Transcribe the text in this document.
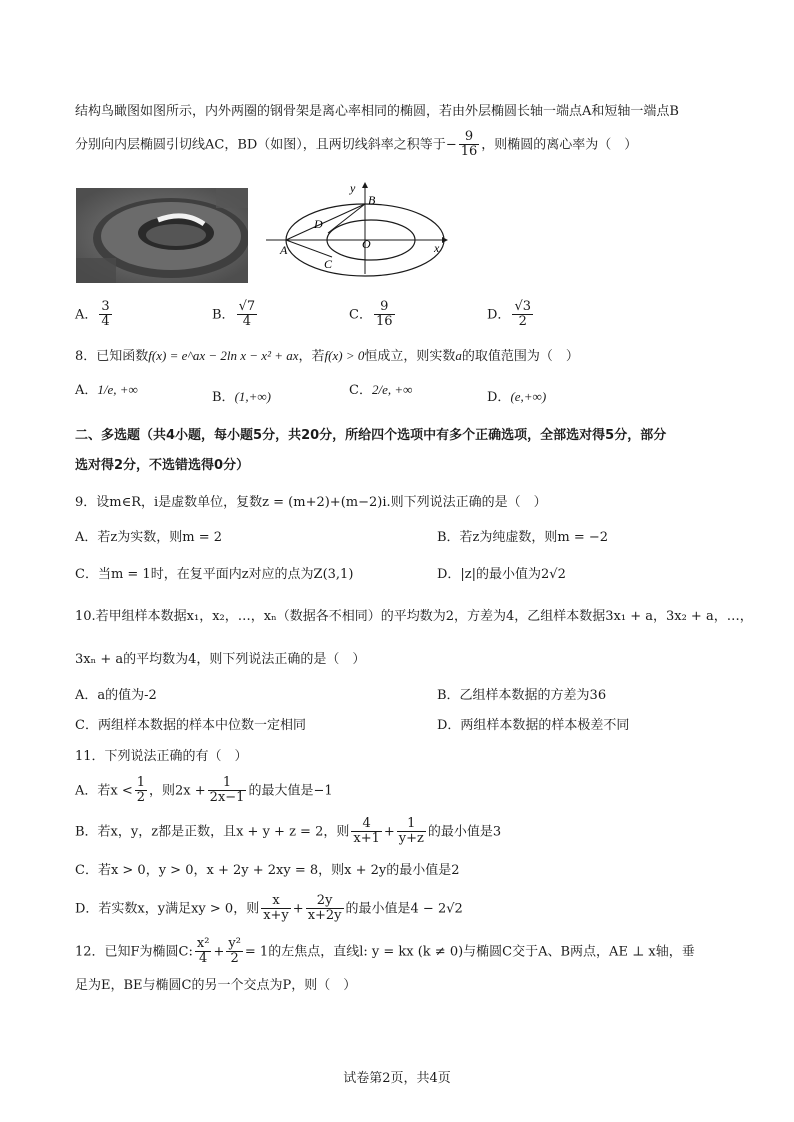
结构鸟瞰图如图所示，内外两圈的钢骨架是离心率相同的椭圆，若由外层椭圆长轴一端点A和短轴一端点B
分别向内层椭圆引切线AC，BD（如图），且两切线斜率之积等于− $\frac{9}{16}$ ，则椭圆的离心率为（　）
y
B
D
O
A
C
x
A． $\frac{3}{4}$	B． $\frac{√7}{4}$	C． $\frac{9}{16}$	D． $\frac{√3}{2}$
8．已知函数f(x) = e^ax − 2ln x − x² + ax，若f(x) > 0恒成立，则实数a的取值范围为（　）
A．1/e, +∞
B．(1,+∞)	C．2/e, +∞
D．(e,+∞)
二、多选题（共4小题，每小题5分，共20分，所给四个选项中有多个正确选项，全部选对得5分，部分
选对得2分，不选错选得0分）
9．设m∈R，i是虚数单位，复数z = (m+2)+(m−2)i.则下列说法正确的是（　）
A．若z为实数，则m = 2	B．若z为纯虚数，则m = −2
C．当m = 1时，在复平面内z对应的点为Z(3,1)	D．|z|的最小值为2√2
10.若甲组样本数据x₁，x₂，…，xₙ（数据各不相同）的平均数为2，方差为4，乙组样本数据3x₁ + a，3x₂ + a，…，
3xₙ + a的平均数为4，则下列说法正确的是（　）
A．a的值为-2	B．乙组样本数据的方差为36
C．两组样本数据的样本中位数一定相同	D．两组样本数据的样本极差不同
11．下列说法正确的有（　）
A．若$x < \frac{1}{2}$ ，则$2x + \frac{1}{2x-1}$ 的最大值是−1
B．若x，y，z都是正数，且x + y + z = 2，则 $\frac{4}{x+1} + \frac{1}{y+z}$ 的最小值是3
C．若x > 0，y > 0，x + 2y + 2xy = 8，则x + 2y的最小值是2
D．若实数x，y满足xy > 0，则 $\frac{x}{x+y} + \frac{2y}{x+2y}$ 的最小值是4 − 2√2
12．已知F为椭圆C: $\frac{\text{x²}}{4} + \frac{\text{y²}}{2} = 1$的左焦点，直线l: y = kx (k ≠ 0)与椭圆C交于A、B两点，AE ⊥ x轴，垂
足为E，BE与椭圆C的另一个交点为P，则（　）
试卷第2页，共4页
